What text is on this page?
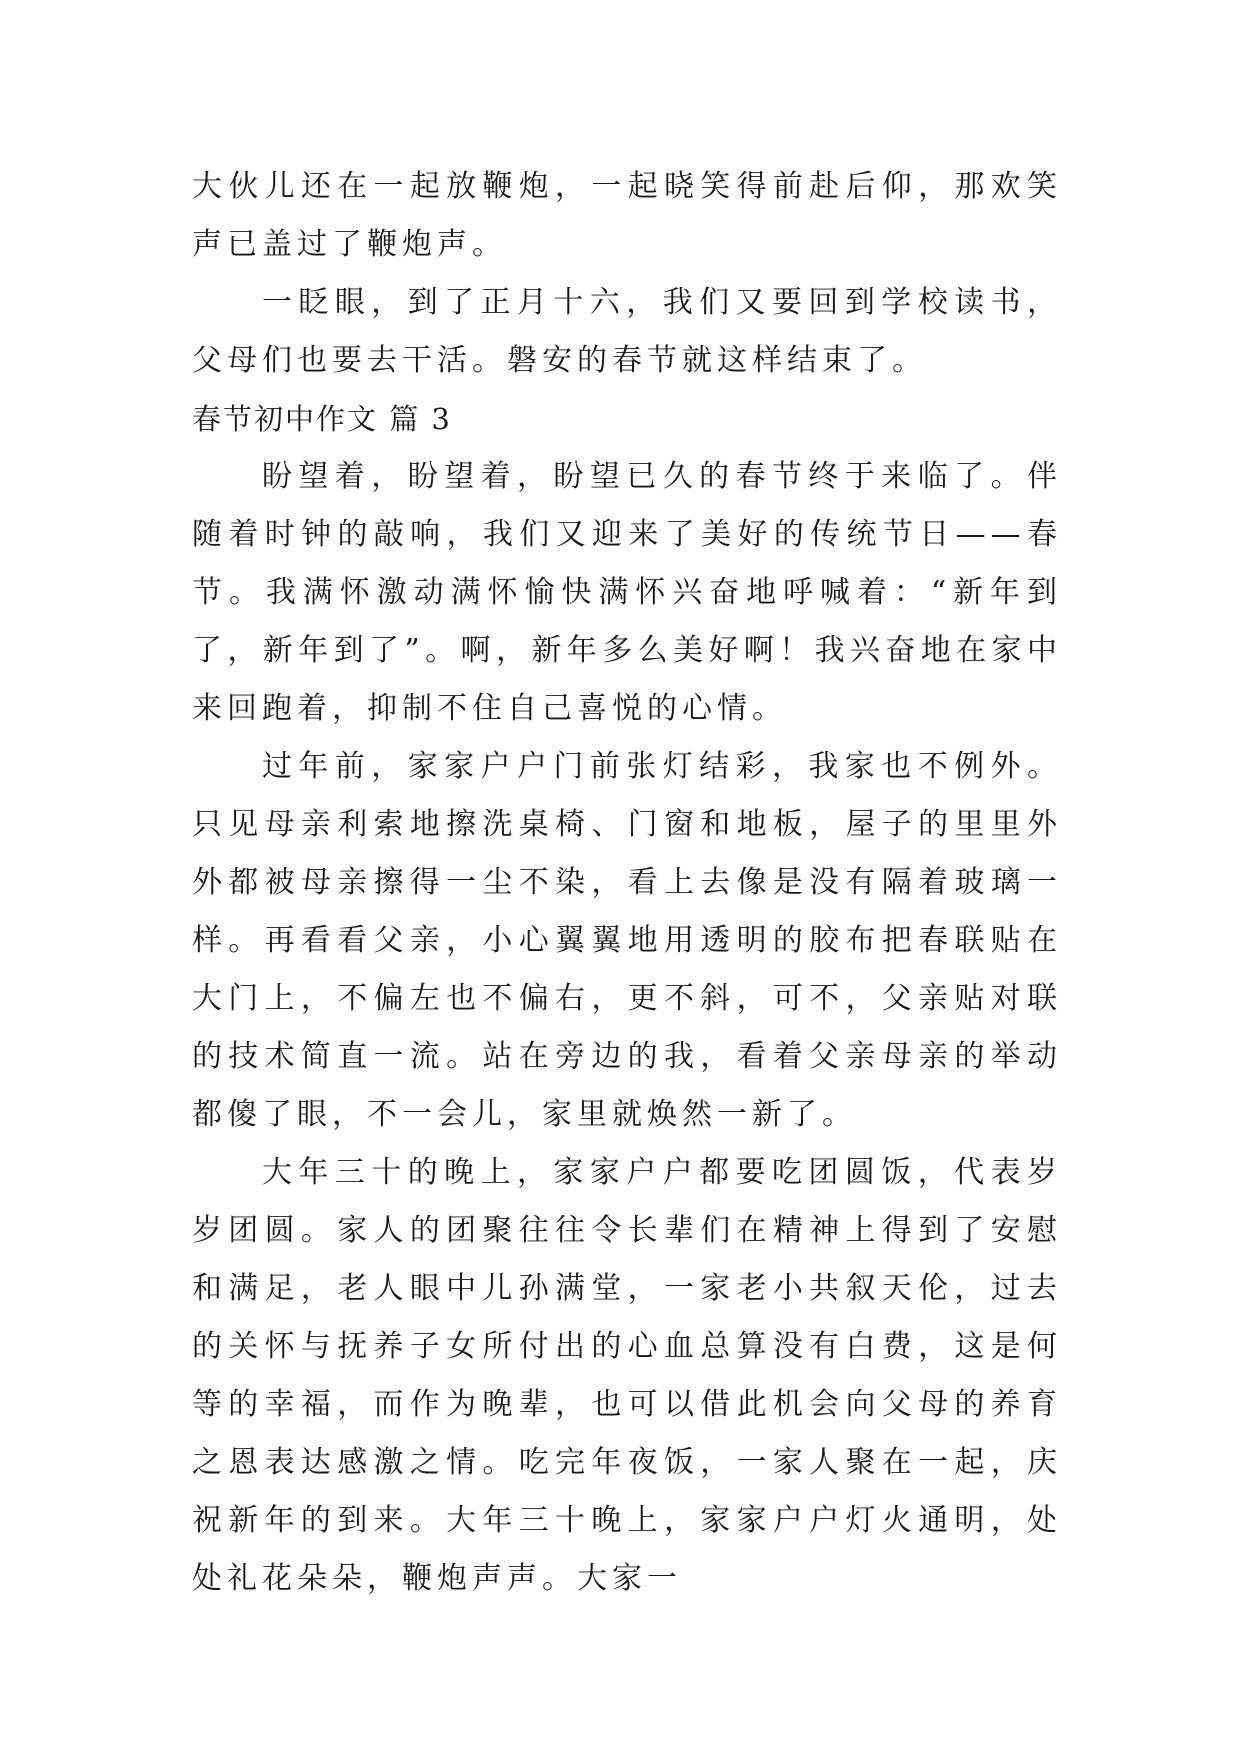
大伙儿还在一起放鞭炮，一起晓笑得前赴后仰，那欢笑声已盖过了鞭炮声。

一眨眼，到了正月十六，我们又要回到学校读书，父母们也要去干活。磐安的春节就这样结束了。

春节初中作文 篇 3

盼望着，盼望着，盼望已久的春节终于来临了。伴随着时钟的敲响，我们又迎来了美好的传统节日——春节。我满怀激动满怀愉快满怀兴奋地呼喊着：“新年到了，新年到了”。啊，新年多么美好啊！我兴奋地在家中来回跑着，抑制不住自己喜悦的心情。

过年前，家家户户门前张灯结彩，我家也不例外。只见母亲利索地擦洗桌椅、门窗和地板，屋子的里里外外都被母亲擦得一尘不染，看上去像是没有隔着玻璃一样。再看看父亲，小心翼翼地用透明的胶布把春联贴在大门上，不偏左也不偏右，更不斜，可不，父亲贴对联的技术简直一流。站在旁边的我，看着父亲母亲的举动都傻了眼，不一会儿，家里就焕然一新了。

大年三十的晚上，家家户户都要吃团圆饭，代表岁岁团圆。家人的团聚往往令长辈们在精神上得到了安慰和满足，老人眼中儿孙满堂，一家老小共叙天伦，过去的关怀与抚养子女所付出的心血总算没有白费，这是何等的幸福，而作为晚辈，也可以借此机会向父母的养育之恩表达感激之情。吃完年夜饭，一家人聚在一起，庆祝新年的到来。大年三十晚上，家家户户灯火通明，处处礼花朵朵，鞭炮声声。大家一
